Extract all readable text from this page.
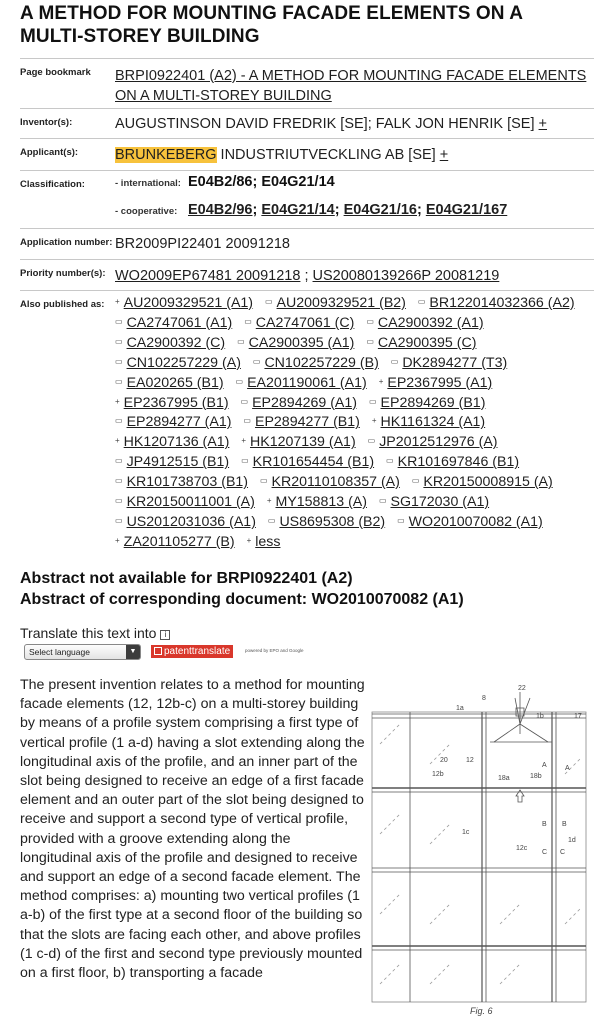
A METHOD FOR MOUNTING FACADE ELEMENTS ON A MULTI-STOREY BUILDING
Page bookmark	BRPI0922401 (A2) - A METHOD FOR MOUNTING FACADE ELEMENTS ON A MULTI-STOREY BUILDING
Inventor(s):	AUGUSTINSON DAVID FREDRIK [SE]; FALK JON HENRIK [SE] +
Applicant(s):	BRUNKEBERG INDUSTRIUTVECKLING AB [SE] +
Classification:	- international: E04B2/86; E04G21/14
- cooperative: E04B2/96; E04G21/14; E04G21/16; E04G21/167
Application number: BR2009PI22401 20091218
Priority number(s): WO2009EP67481 20091218 ; US20080139266P 20081219
Also published as:	+ AU2009329521 (A1) ▭ AU2009329521 (B2) ▭ BR122014032366 (A2) ▭ CA2747061 (A1) ▭ CA2747061 (C) ▭ CA2900392 (A1) ▭ CA2900392 (C) ▭ CA2900395 (A1) ▭ CA2900395 (C) ▭ CN102257229 (A) ▭ CN102257229 (B) ▭ DK2894277 (T3) ▭ EA020265 (B1) ▭ EA201190061 (A1) + EP2367995 (A1) + EP2367995 (B1) ▭ EP2894269 (A1) ▭ EP2894269 (B1) ▭ EP2894277 (A1) ▭ EP2894277 (B1) + HK1161324 (A1) + HK1207136 (A1) + HK1207139 (A1) ▭ JP2012512976 (A) ▭ JP4912515 (B1) ▭ KR101654454 (B1) ▭ KR101697846 (B1) ▭ KR101738703 (B1) ▭ KR20110108357 (A) ▭ KR20150008915 (A) ▭ KR20150011001 (A) + MY158813 (A) ▭ SG172030 (A1) ▭ US2012031036 (A1) ▭ US8695308 (B2) ▭ WO2010070082 (A1) + ZA201105277 (B) + less
Abstract not available for BRPI0922401 (A2)
Abstract of corresponding document: WO2010070082 (A1)
Translate this text into i
Select language	▼	patenttranslate	powered by EPO and Google
The present invention relates to a method for mounting facade elements (12, 12b-c) on a multi-storey building by means of a profile system comprising a first type of vertical profile (1 a-d) having a slot extending along the longitudinal axis of the profile, and an inner part of the slot being designed to receive an edge of a first facade element and an outer part of the slot being designed to receive and support a second type of vertical profile, provided with a groove extending along the longitudinal axis of the profile and designed to receive and support an edge of a second facade element. The method comprises: a) mounting two vertical profiles (1 a-b) of the first type at a second floor of the building so that the slots are facing each other, and above profiles (1 c-d) of the first and second type previously mounted on a first floor, b) transporting a facade
22
1a
8
1b	17
20	12
12b
18a	18b
A	A
1c
B B
12c
C C
1d
Fig. 6
